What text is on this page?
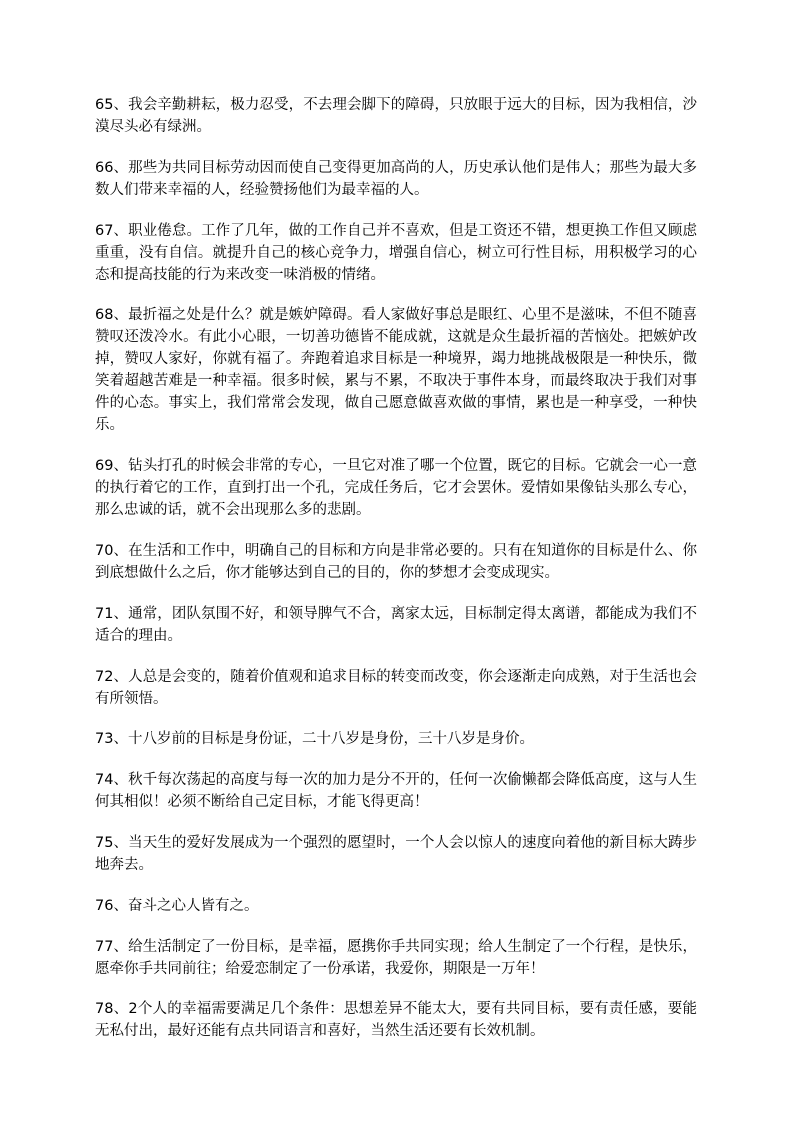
65、我会辛勤耕耘，极力忍受，不去理会脚下的障碍，只放眼于远大的目标，因为我相信，沙漠尽头必有绿洲。

66、那些为共同目标劳动因而使自己变得更加高尚的人，历史承认他们是伟人；那些为最大多数人们带来幸福的人，经验赞扬他们为最幸福的人。

67、职业倦怠。工作了几年，做的工作自己并不喜欢，但是工资还不错，想更换工作但又顾虑重重，没有自信。就提升自己的核心竞争力，增强自信心，树立可行性目标，用积极学习的心态和提高技能的行为来改变一味消极的情绪。

68、最折福之处是什么？就是嫉妒障碍。看人家做好事总是眼红、心里不是滋味，不但不随喜赞叹还泼冷水。有此小心眼，一切善功德皆不能成就，这就是众生最折福的苦恼处。把嫉妒改掉，赞叹人家好，你就有福了。奔跑着追求目标是一种境界，竭力地挑战极限是一种快乐，微笑着超越苦难是一种幸福。很多时候，累与不累，不取决于事件本身，而最终取决于我们对事件的心态。事实上，我们常常会发现，做自己愿意做喜欢做的事情，累也是一种享受，一种快乐。

69、钻头打孔的时候会非常的专心，一旦它对准了哪一个位置，既它的目标。它就会一心一意的执行着它的工作，直到打出一个孔，完成任务后，它才会罢休。爱情如果像钻头那么专心，那么忠诚的话，就不会出现那么多的悲剧。

70、在生活和工作中，明确自己的目标和方向是非常必要的。只有在知道你的目标是什么、你到底想做什么之后，你才能够达到自己的目的，你的梦想才会变成现实。

71、通常，团队氛围不好，和领导脾气不合，离家太远，目标制定得太离谱，都能成为我们不适合的理由。

72、人总是会变的，随着价值观和追求目标的转变而改变，你会逐渐走向成熟，对于生活也会有所领悟。

73、十八岁前的目标是身份证，二十八岁是身份，三十八岁是身价。

74、秋千每次荡起的高度与每一次的加力是分不开的，任何一次偷懒都会降低高度，这与人生何其相似！必须不断给自己定目标，才能飞得更高！

75、当天生的爱好发展成为一个强烈的愿望时，一个人会以惊人的速度向着他的新目标大踌步地奔去。

76、奋斗之心人皆有之。

77、给生活制定了一份目标，是幸福，愿携你手共同实现；给人生制定了一个行程，是快乐，愿牵你手共同前往；给爱恋制定了一份承诺，我爱你，期限是一万年！

78、2个人的幸福需要满足几个条件：思想差异不能太大，要有共同目标，要有责任感，要能无私付出，最好还能有点共同语言和喜好，当然生活还要有长效机制。
